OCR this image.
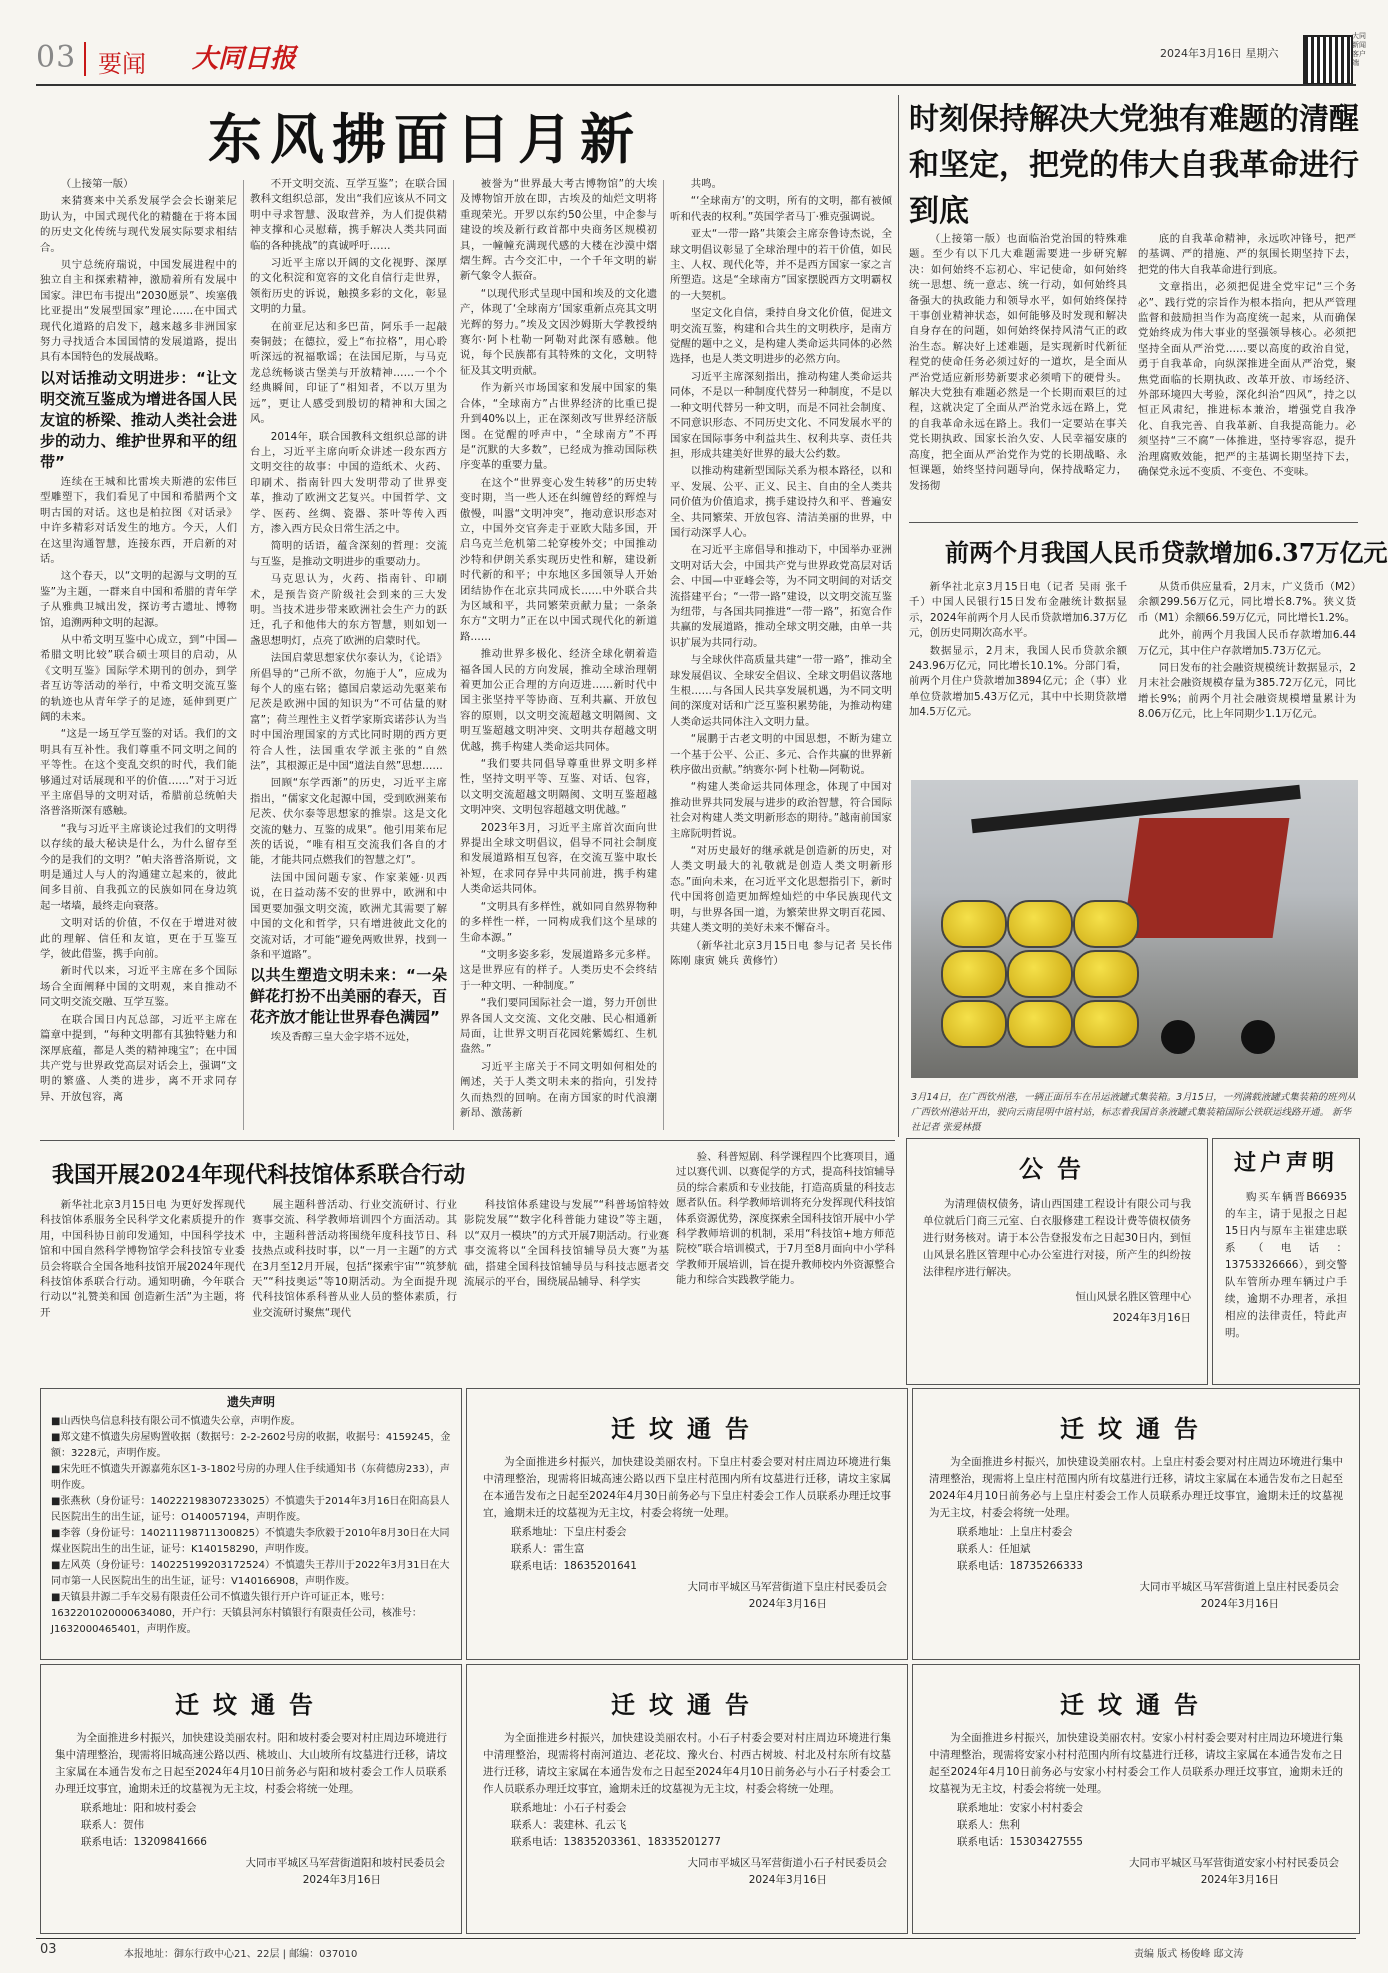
03 要闻 大同日报	2024年3月16日 星期六
大同新闻客户端
东风拂面日月新

（上接第一版）

来猜赛来中关系发展学会会长谢莱尼助认为，中国式现代化的精髓在于将本国的历史文化传统与现代发展实际要求相结合。

贝宁总统府瑞说，中国发展进程中的独立自主和探索精神，激励着所有发展中国家。津巴布韦提出“2030愿景”、埃塞俄比亚提出“发展型国家”理论……在中国式现代化道路的启发下，越来越多非洲国家努力寻找适合本国国情的发展道路，提出具有本国特色的发展战略。

以对话推动文明进步：“让文明交流互鉴成为增进各国人民友谊的桥梁、推动人类社会进步的动力、维护世界和平的纽带”

连续在王城和比雷埃夫斯港的宏伟巨型雕塑下，我们看见了中国和希腊两个文明古国的对话。这也是柏拉图《对话录》中许多精彩对话发生的地方。今天，人们在这里沟通智慧，连接东西，开启新的对话。

这个春天，以“文明的起源与文明的互鉴”为主题，一群来自中国和希腊的青年学子从雅典卫城出发，探访考古遗址、博物馆，追溯两种文明的起源。

从中希文明互鉴中心成立，到“中国—希腊文明比较”联合硕士项目的启动，从《文明互鉴》国际学术期刊的创办，到学者互访等活动的举行，中希文明交流互鉴的轨迹也从青年学子的足迹，延伸到更广阔的未来。

“这是一场互学互鉴的对话。我们的文明具有互补性。我们尊重不同文明之间的平等性。在这个变乱交织的时代，我们能够通过对话展现和平的价值……”对于习近平主席倡导的文明对话，希腊前总统帕夫洛普洛斯深有感触。

“我与习近平主席谈论过我们的文明得以存续的最大秘诀是什么，为什么留存至今的是我们的文明？”帕夫洛普洛斯说，文明是通过人与人的沟通建立起来的，彼此间多目前、自我孤立的民族如同在身边筑起一堵墙，最终走向衰落。

文明对话的价值，不仅在于增进对彼此的理解、信任和友谊，更在于互鉴互学，彼此借鉴，携手向前。

新时代以来，习近平主席在多个国际场合全面阐释中国的文明观，来自推动不同文明交流交融、互学互鉴。

在联合国日内瓦总部，习近平主席在篇章中提到，“每种文明都有其独特魅力和深厚底蕴，都是人类的精神瑰宝”；在中国共产党与世界政党高层对话会上，强调“文明的繁盛、人类的进步，离不开求同存异、开放包容，离

不开文明交流、互学互鉴”；在联合国教科文组织总部，发出“我们应该从不同文明中寻求智慧、汲取营养，为人们提供精神支撑和心灵慰藉，携手解决人类共同面临的各种挑战”的真诚呼吁……

习近平主席以开阔的文化视野、深厚的文化积淀和宽容的文化自信行走世界，领衔历史的诉说，触摸多彩的文化，彰显文明的力量。

在前亚尼达和多巴苗，阿乐手一起敲奏铜鼓；在德拉，爱上“布拉格”，用心聆听深远的祝福歌谣；在法国尼斯，与马克龙总统畅谈古堡美与开放精神……一个个经典瞬间，印证了“相知者，不以万里为远”，更让人感受到殷切的精神和大国之风。

2014年，联合国教科文组织总部的讲台上，习近平主席向听众讲述一段东西方文明交往的故事：中国的造纸术、火药、印刷术、指南针四大发明带动了世界变革，推动了欧洲文艺复兴。中国哲学、文学、医药、丝绸、瓷器、茶叶等传入西方，渗入西方民众日常生活之中。

简明的话语，蕴含深刻的哲理：交流与互鉴，是推动文明进步的重要动力。

马克思认为，火药、指南针、印刷术，是预告资产阶级社会到来的三大发明。当技术进步带来欧洲社会生产力的跃迁，孔子和他伟大的东方智慧，则如划一盏思想明灯，点亮了欧洲的启蒙时代。

法国启蒙思想家伏尔泰认为，《论语》所倡导的“己所不欲，勿施于人”，应成为每个人的座右铭；德国启蒙运动先驱莱布尼茨是欧洲中国的知识为“不可估量的财富”；荷兰理性主义哲学家斯宾诺莎认为当时中国治理国家的方式比同时期的西方更符合人性，法国重农学派主张的“自然法”，其根源正是中国“道法自然”思想……

回顾“东学西渐”的历史，习近平主席指出，“儒家文化起源中国，受到欧洲莱布尼茨、伏尔泰等思想家的推崇。这是文化交流的魅力、互鉴的成果”。他引用莱布尼茨的话说，“唯有相互交流我们各自的才能，才能共同点燃我们的智慧之灯”。

法国中国问题专家、作家莱娅·贝西说，在日益动荡不安的世界中，欧洲和中国更要加强文明交流，欧洲尤其需要了解中国的文化和哲学，只有增进彼此文化的交流对话，才可能“避免两败世界，找到一条和平道路”。

以共生塑造文明未来：“一朵鲜花打扮不出美丽的春天，百花齐放才能让世界春色满园”

埃及香醇三皇大金字塔不远处，

被誉为“世界最大考古博物馆”的大埃及博物馆开放在即，古埃及的灿烂文明将重现荣光。开罗以东约50公里，中企参与建设的埃及新行政首都中央商务区规模初具，一幢幢充满现代感的大楼在沙漠中熠熠生辉。古今交汇中，一个千年文明的崭新气象令人振奋。

“以现代形式呈现中国和埃及的文化遗产，体现了‘全球南方’国家重新点亮其文明光辉的努力。”埃及文因沙姆斯大学教授纳赛尔·阿卜杜勒一阿勒对此深有感触。他说，每个民族都有其特殊的文化，文明特征及其文明贡献。

作为新兴市场国家和发展中国家的集合体，“全球南方”占世界经济的比重已提升到40%以上，正在深刻改写世界经济版图。在觉醒的呼声中，“全球南方”不再是“沉默的大多数”，已经成为推动国际秩序变革的重要力量。

在这个“世界变心发生转移”的历史转变时期，当一些人还在纠缠曾经的辉煌与傲慢，叫嚣“文明冲突”，拖动意识形态对立，中国外交官奔走于亚欧大陆多国，开启乌克兰危机第二轮穿梭外交；中国推动沙特和伊朗关系实现历史性和解，建设新时代新的和平；中东地区多国领导人开始团结协作在北京共同成长……中外联合共为区域和平，共同繁荣贡献力量；一条条东方“文明力”正在以中国式现代化的新道路……

推动世界多极化、经济全球化朝着造福各国人民的方向发展，推动全球治理朝着更加公正合理的方向迈进……新时代中国主张坚持平等协商、互利共赢、开放包容的原则，以文明交流超越文明隔阂、文明互鉴超越文明冲突、文明共存超越文明优越，携手构建人类命运共同体。

“我们要共同倡导尊重世界文明多样性，坚持文明平等、互鉴、对话、包容，以文明交流超越文明隔阂、文明互鉴超越文明冲突、文明包容超越文明优越。”

2023年3月，习近平主席首次面向世界提出全球文明倡议，倡导不同社会制度和发展道路相互包容，在交流互鉴中取长补短，在求同存异中共同前进，携手构建人类命运共同体。

“文明具有多样性，就如同自然界物种的多样性一样，一同构成我们这个星球的生命本源。”

“文明多姿多彩，发展道路多元多样。这是世界应有的样子。人类历史不会终结于一种文明、一种制度。”

“我们要同国际社会一道，努力开创世界各国人文交流、文化交融、民心相通新局面，让世界文明百花园姹紫嫣红、生机盎然。”

习近平主席关于不同文明如何相处的阐述，关于人类文明未来的指向，引发持久而热烈的回响。在南方国家的时代浪潮新昂、激荡新

共鸣。

“‘全球南方’的文明，所有的文明，都有被倾听和代表的权利。”英国学者马丁·雅克强调说。

亚太“一带一路”共策会主席奈鲁诗杰说，全球文明倡议彰显了全球治理中的若干价值，如民主、人权、现代化等，并不是西方国家一家之言所塑造。这是“全球南方”国家摆脱西方文明霸权的一大契机。

坚定文化自信，秉持自身文化价值，促进文明交流互鉴，构建和合共生的文明秩序，是南方觉醒的题中之义，是构建人类命运共同体的必然选择，也是人类文明进步的必然方向。

习近平主席深刻指出，推动构建人类命运共同体，不是以一种制度代替另一种制度，不是以一种文明代替另一种文明，而是不同社会制度、不同意识形态、不同历史文化、不同发展水平的国家在国际事务中利益共生、权利共享、责任共担，形成共建美好世界的最大公约数。

以推动构建新型国际关系为根本路径，以和平、发展、公平、正义、民主、自由的全人类共同价值为价值追求，携手建设持久和平、普遍安全、共同繁荣、开放包容、清洁美丽的世界，中国行动深孚人心。

在习近平主席倡导和推动下，中国举办亚洲文明对话大会，中国共产党与世界政党高层对话会、中国—中亚峰会等，为不同文明间的对话交流搭建平台；“一带一路”建设，以文明交流互鉴为纽带，与各国共同推进“一带一路”，拓宽合作共赢的发展道路，推动全球文明交融，由单一共识扩展为共同行动。

与全球伙伴高质量共建“一带一路”，推动全球发展倡议、全球安全倡议、全球文明倡议落地生根……与各国人民共享发展机遇，为不同文明间的深度对话和广泛互鉴积累势能，为推动构建人类命运共同体注入文明力量。

“展鹏于古老文明的中国思想，不断为建立一个基于公平、公正、多元、合作共赢的世界新秩序做出贡献。”纳赛尔·阿卜杜勒—阿勒说。

“构建人类命运共同体理念，体现了中国对推动世界共同发展与进步的政治智慧，符合国际社会对构建人类文明新形态的期待。”越南前国家主席阮明哲说。

“对历史最好的继承就是创造新的历史，对人类文明最大的礼敬就是创造人类文明新形态。”面向未来，在习近平文化思想指引下，新时代中国将创造更加辉煌灿烂的中华民族现代文明，与世界各国一道，为繁荣世界文明百花园、共建人类文明的美好未来不懈奋斗。

（新华社北京3月15日电 参与记者 吴长伟 陈刚 康寅 姚兵 黄修竹）

时刻保持解决大党独有难题的清醒
和坚定，把党的伟大自我革命进行到底

（上接第一版）也面临治党治国的特殊难题。至少有以下几大难题需要进一步研究解决：如何始终不忘初心、牢记使命，如何始终统一思想、统一意志、统一行动，如何始终具备强大的执政能力和领导水平，如何始终保持干事创业精神状态，如何能够及时发现和解决自身存在的问题，如何始终保持风清气正的政治生态。解决好上述难题，是实现新时代新征程党的使命任务必须过好的一道坎，是全面从严治党适应新形势新要求必须啃下的硬骨头。解决大党独有难题必然是一个长期而艰巨的过程，这就决定了全面从严治党永远在路上，党的自我革命永远在路上。我们一定要站在事关党长期执政、国家长治久安、人民幸福安康的高度，把全面从严治党作为党的长期战略、永恒课题，始终坚持问题导向，保持战略定力，发扬彻

底的自我革命精神，永远吹冲锋号，把严的基调、严的措施、严的氛围长期坚持下去，把党的伟大自我革命进行到底。

文章指出，必须把促进全党牢记“三个务必”、践行党的宗旨作为根本指向，把从严管理监督和鼓励担当作为高度统一起来，从而确保党始终成为伟大事业的坚强领导核心。必须把坚持全面从严治党……要以高度的政治自觉，勇于自我革命，向纵深推进全面从严治党，聚焦党面临的长期执政、改革开放、市场经济、外部环境四大考验，深化纠治“四风”，持之以恒正风肃纪，推进标本兼治，增强党自我净化、自我完善、自我革新、自我提高能力。必须坚持“三不腐”一体推进，坚持零容忍，提升治理腐败效能，把严的主基调长期坚持下去，确保党永远不变质、不变色、不变味。

前两个月我国人民币贷款增加6.37万亿元

新华社北京3月15日电（记者 吴雨 张千千）中国人民银行15日发布金融统计数据显示，2024年前两个月人民币贷款增加6.37万亿元，创历史同期次高水平。

数据显示，2月末，我国人民币贷款余额243.96万亿元，同比增长10.1%。分部门看，前两个月住户贷款增加3894亿元；企（事）业单位贷款增加5.43万亿元，其中中长期贷款增加4.5万亿元。

从货币供应量看，2月末，广义货币（M2）余额299.56万亿元，同比增长8.7%。狭义货币（M1）余额66.59万亿元，同比增长1.2%。

此外，前两个月我国人民币存款增加6.44万亿元，其中住户存款增加5.73万亿元。

同日发布的社会融资规模统计数据显示，2月末社会融资规模存量为385.72万亿元，同比增长9%；前两个月社会融资规模增量累计为8.06万亿元，比上年同期少1.1万亿元。

3月14日，在广西钦州港，一辆正面吊车在吊运液罐式集装箱。3月15日，一列满载液罐式集装箱的班列从广西钦州港站开出，驶向云南昆明中谊村站，标志着我国首条液罐式集装箱国际公铁联运线路开通。 新华社记者 张爱林摄
我国开展2024年现代科技馆体系联合行动

新华社北京3月15日电 为更好发挥现代科技馆体系服务全民科学文化素质提升的作用，中国科协日前印发通知，中国科学技术馆和中国自然科学博物馆学会科技馆专业委员会将联合全国各地科技馆开展2024年现代科技馆体系联合行动。通知明确，今年联合行动以“礼赞美和国 创造新生活”为主题，将开

展主题科普活动、行业交流研讨、行业赛事交流、科学教师培训四个方面活动。其中，主题科普活动将围绕年度科技节日、科技热点或科技时事，以“一月一主题”的方式在3月至12月开展，包括“探索宇宙”“筑梦航天”“科技奥运”等10期活动。为全面提升现代科技馆体系科普从业人员的整体素质，行业交流研讨聚焦“现代

科技馆体系建设与发展”“科普场馆特效影院发展”“数字化科普能力建设”等主题，以“双月一模块”的方式开展7期活动。行业赛事交流将以“全国科技馆辅导员大赛”为基础，搭建全国科技馆辅导员与科技志愿者交流展示的平台，围绕展品辅导、科学实

验、科普短剧、科学课程四个比赛项目，通过以赛代训、以赛促学的方式，提高科技馆辅导员的综合素质和专业技能，打造高质量的科技志愿者队伍。科学教师培训将充分发挥现代科技馆体系资源优势，深度探索全国科技馆开展中小学科学教师培训的机制，采用“科技馆+地方师范院校”联合培训模式，于7月至8月面向中小学科学教师开展培训，旨在提升教师校内外资源整合能力和综合实践教学能力。

公告

为清理债权债务，请山西国建工程设计有限公司与我单位就后门商三元室、白衣服修建工程设计费等债权债务进行财务核对。请于本公告登报发布之日起30日内，到恒山风景名胜区管理中心办公室进行对接，所产生的纠纷按法律程序进行解决。

恒山风景名胜区管理中心
2024年3月16日
过户声明

购买车辆晋B66935的车主，请于见报之日起15日内与原车主崔建忠联系（电话：13753326666），到交警队车管所办理车辆过户手续，逾期不办理者，承担相应的法律责任，特此声明。

遗失声明
■山西快鸟信息科技有限公司不慎遗失公章，声明作废。
■郑文建不慎遗失房屋购置收据（数据号：2-2-2602号房的收据，收据号：4159245，金额：3228元，声明作废。
■宋先旺不慎遗失开源嘉苑东区1-3-1802号房的办理人住手续通知书（东荷德房233），声明作废。
■张燕秋（身份证号：140222198307233025）不慎遗失于2014年3月16日在阳高县人民医院出生的出生证，证号：O140057194，声明作废。
■李蓉（身份证号：140211198711300825）不慎遗失李欣毅于2010年8月30日在大同煤业医院出生的出生证，证号：K140158290，声明作废。
■左风英（身份证号：140225199203172524）不慎遗失王荐川于2022年3月31日在大同市第一人民医院出生的出生证，证号：V140166908，声明作废。
■天镇县井源二手车交易有限责任公司不慎遗失银行开户许可证正本，账号：1632201020000634080，开户行：天镇县河东村镇银行有限责任公司，核准号：J1632000465401，声明作废。
迁坟通告

为全面推进乡村振兴，加快建设美丽农村。下皇庄村委会要对村庄周边环境进行集中清理整治，现需将旧城高速公路以西下皇庄村范围内所有坟墓进行迁移，请坟主家属在本通告发布之日起至2024年4月30日前务必与下皇庄村委会工作人员联系办理迁坟事宜，逾期未迁的坟墓视为无主坟，村委会将统一处理。

联系地址：下皇庄村委会
联系人：雷生富
联系电话：18635201641
大同市平城区马军营街道下皇庄村民委员会
2024年3月16日
迁坟通告

为全面推进乡村振兴，加快建设美丽农村。上皇庄村委会要对村庄周边环境进行集中清理整治，现需将上皇庄村范围内所有坟墓进行迁移，请坟主家属在本通告发布之日起至2024年4月10日前务必与上皇庄村委会工作人员联系办理迁坟事宜，逾期未迁的坟墓视为无主坟，村委会将统一处理。

联系地址：上皇庄村委会
联系人：任旭斌
联系电话：18735266333
大同市平城区马军营街道上皇庄村民委员会
2024年3月16日
迁坟通告

为全面推进乡村振兴，加快建设美丽农村。阳和坡村委会要对村庄周边环境进行集中清理整治，现需将旧城高速公路以西、桃坡山、大山坡所有坟墓进行迁移，请坟主家属在本通告发布之日起至2024年4月10日前务必与阳和坡村委会工作人员联系办理迁坟事宜，逾期未迁的坟墓视为无主坟，村委会将统一处理。

联系地址：阳和坡村委会
联系人：贺伟
联系电话：13209841666
大同市平城区马军营街道阳和坡村民委员会
2024年3月16日
迁坟通告

为全面推进乡村振兴，加快建设美丽农村。小石子村委会要对村庄周边环境进行集中清理整治，现需将村南河道边、老花坟、豫火台、村西古树坡、村北及村东所有坟墓进行迁移，请坟主家属在本通告发布之日起至2024年4月10日前务必与小石子村委会工作人员联系办理迁坟事宜，逾期未迁的坟墓视为无主坟，村委会将统一处理。

联系地址：小石子村委会
联系人：裴建林、孔云飞
联系电话：13835203361、18335201277
大同市平城区马军营街道小石子村民委员会
2024年3月16日
迁坟通告

为全面推进乡村振兴，加快建设美丽农村。安家小村村委会要对村庄周边环境进行集中清理整治，现需将安家小村村范围内所有坟墓进行迁移，请坟主家属在本通告发布之日起至2024年4月10日前务必与安家小村村委会工作人员联系办理迁坟事宜，逾期未迁的坟墓视为无主坟，村委会将统一处理。

联系地址：安家小村村委会
联系人：焦利
联系电话：15303427555
大同市平城区马军营街道安家小村村民委员会
2024年3月16日
03	本报地址：御东行政中心21、22层 | 邮编：037010	责编 版式 杨俊峰 邸文涛
